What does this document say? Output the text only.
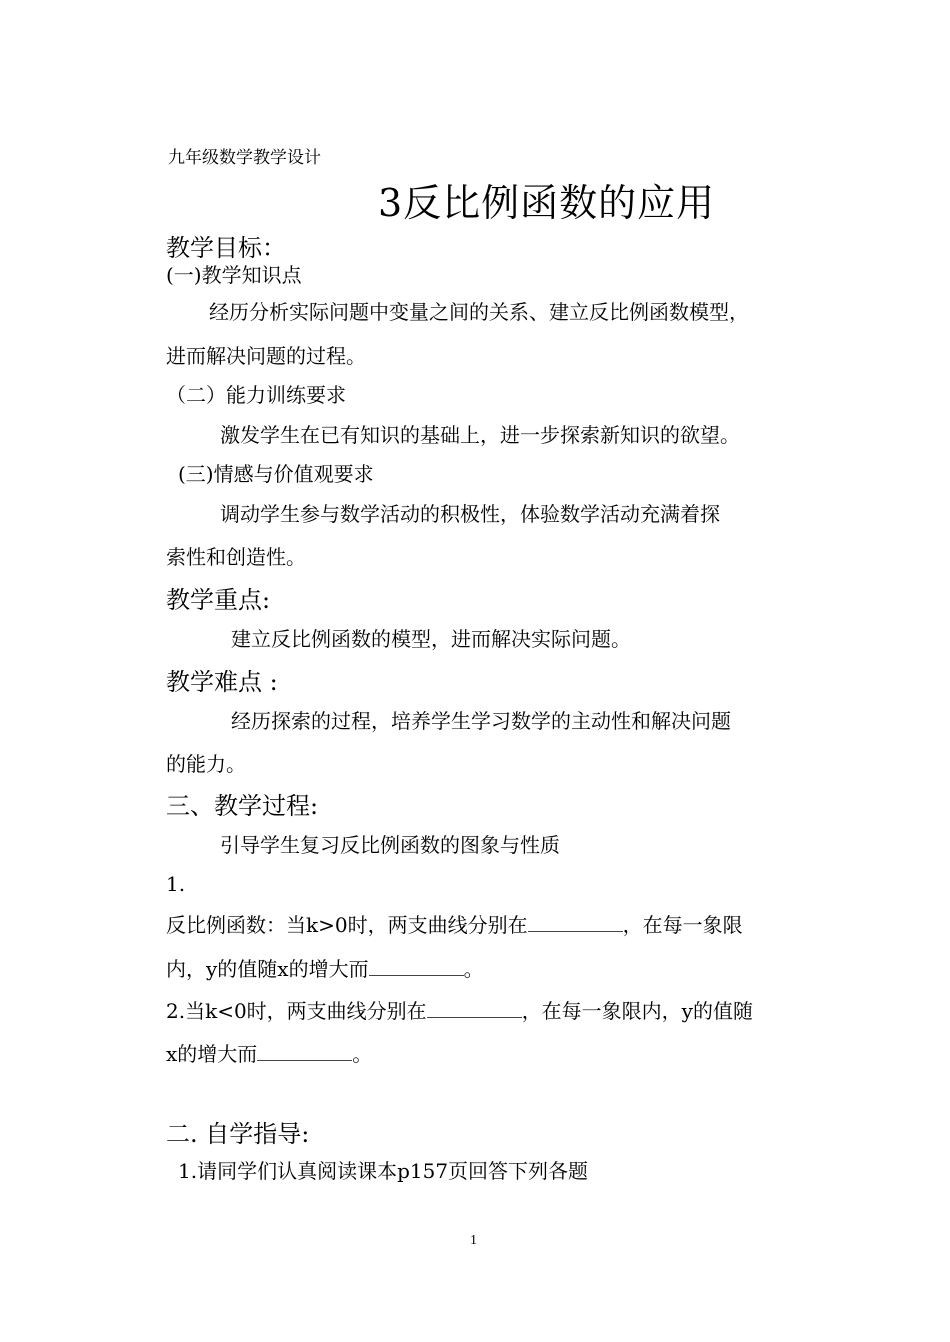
九年级数学教学设计
3反比例函数的应用
教学目标：
(一)教学知识点
经历分析实际问题中变量之间的关系、建立反比例函数模型，
进而解决问题的过程。
（二）能力训练要求
激发学生在已有知识的基础上，进一步探索新知识的欲望。
(三)情感与价值观要求
调动学生参与数学活动的积极性，体验数学活动充满着探
索性和创造性。
教学重点:
建立反比例函数的模型，进而解决实际问题。
教学难点 :
经历探索的过程，培养学生学习数学的主动性和解决问题
的能力。
三、教学过程:
引导学生复习反比例函数的图象与性质
1.
反比例函数：当k>0时，两支曲线分别在	，在每一象限
内，y的值随x的增大而	。
2.当k<0时，两支曲线分别在	，在每一象限内，y的值随
x的增大而	。
二. 自学指导:
1.请同学们认真阅读课本p157页回答下列各题
1
